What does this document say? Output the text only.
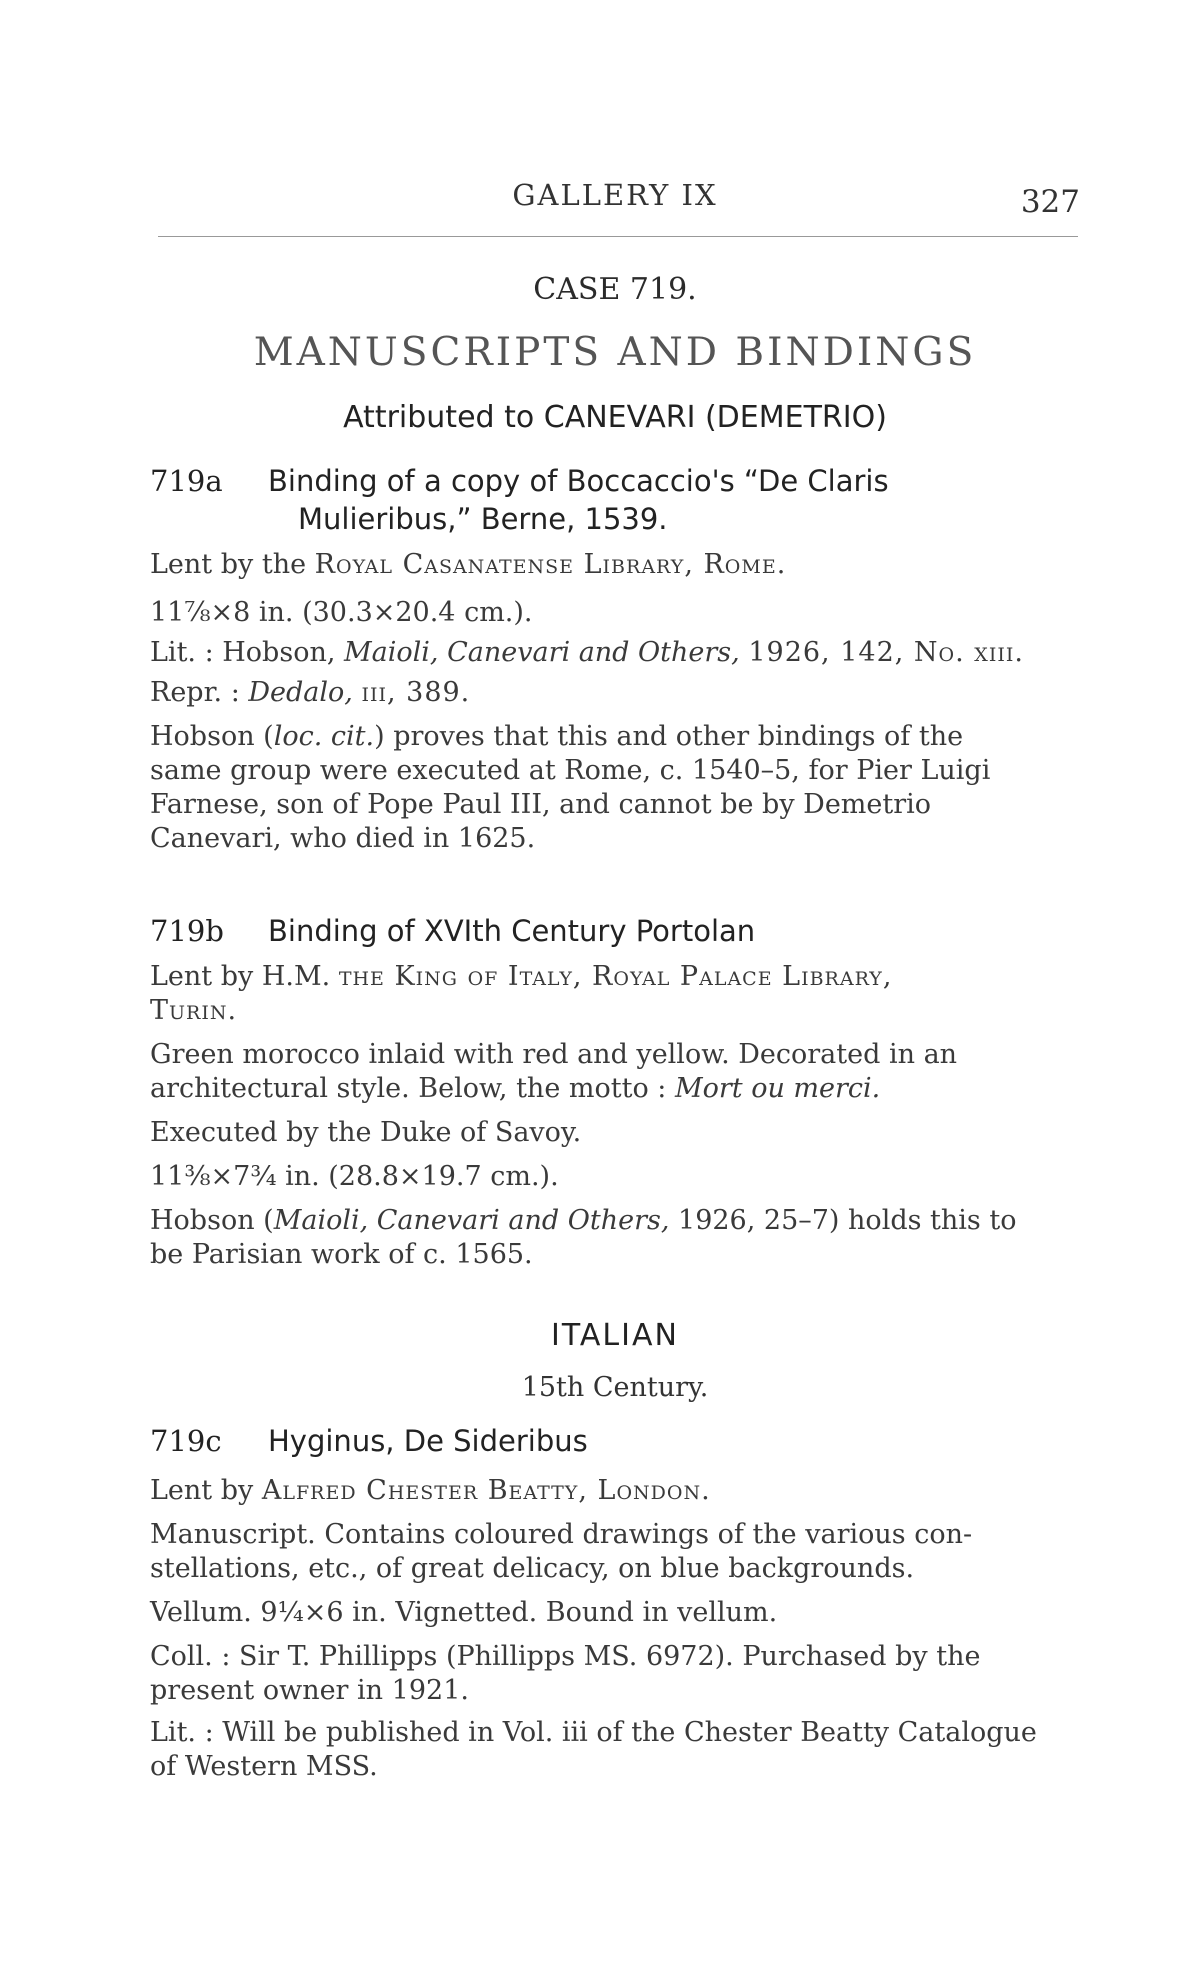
GALLERY IX	327
CASE 719.
MANUSCRIPTS AND BINDINGS
Attributed to CANEVARI (DEMETRIO)
719a Binding of a copy of Boccaccio's “De Claris
Mulieribus,” Berne, 1539.
Lent by the Royal Casanatense Library, Rome.
11⅞×8 in. (30.3×20.4 cm.).
Lit. : Hobson, Maioli, Canevari and Others, 1926, 142, No. xiii.
Repr. : Dedalo, iii, 389.
Hobson (loc. cit.) proves that this and other bindings of the
same group were executed at Rome, c. 1540–5, for Pier Luigi
Farnese, son of Pope Paul III, and cannot be by Demetrio
Canevari, who died in 1625.
719b Binding of XVIth Century Portolan
Lent by H.M. the King of Italy, Royal Palace Library,
Turin.
Green morocco inlaid with red and yellow. Decorated in an
architectural style. Below, the motto : Mort ou merci.
Executed by the Duke of Savoy.
11⅜×7¾ in. (28.8×19.7 cm.).
Hobson (Maioli, Canevari and Others, 1926, 25–7) holds this to
be Parisian work of c. 1565.
ITALIAN
15th Century.
719c Hyginus, De Sideribus
Lent by Alfred Chester Beatty, London.
Manuscript. Contains coloured drawings of the various con-
stellations, etc., of great delicacy, on blue backgrounds.
Vellum. 9¼×6 in. Vignetted. Bound in vellum.
Coll. : Sir T. Phillipps (Phillipps MS. 6972). Purchased by the
present owner in 1921.
Lit. : Will be published in Vol. iii of the Chester Beatty Catalogue
of Western MSS.
